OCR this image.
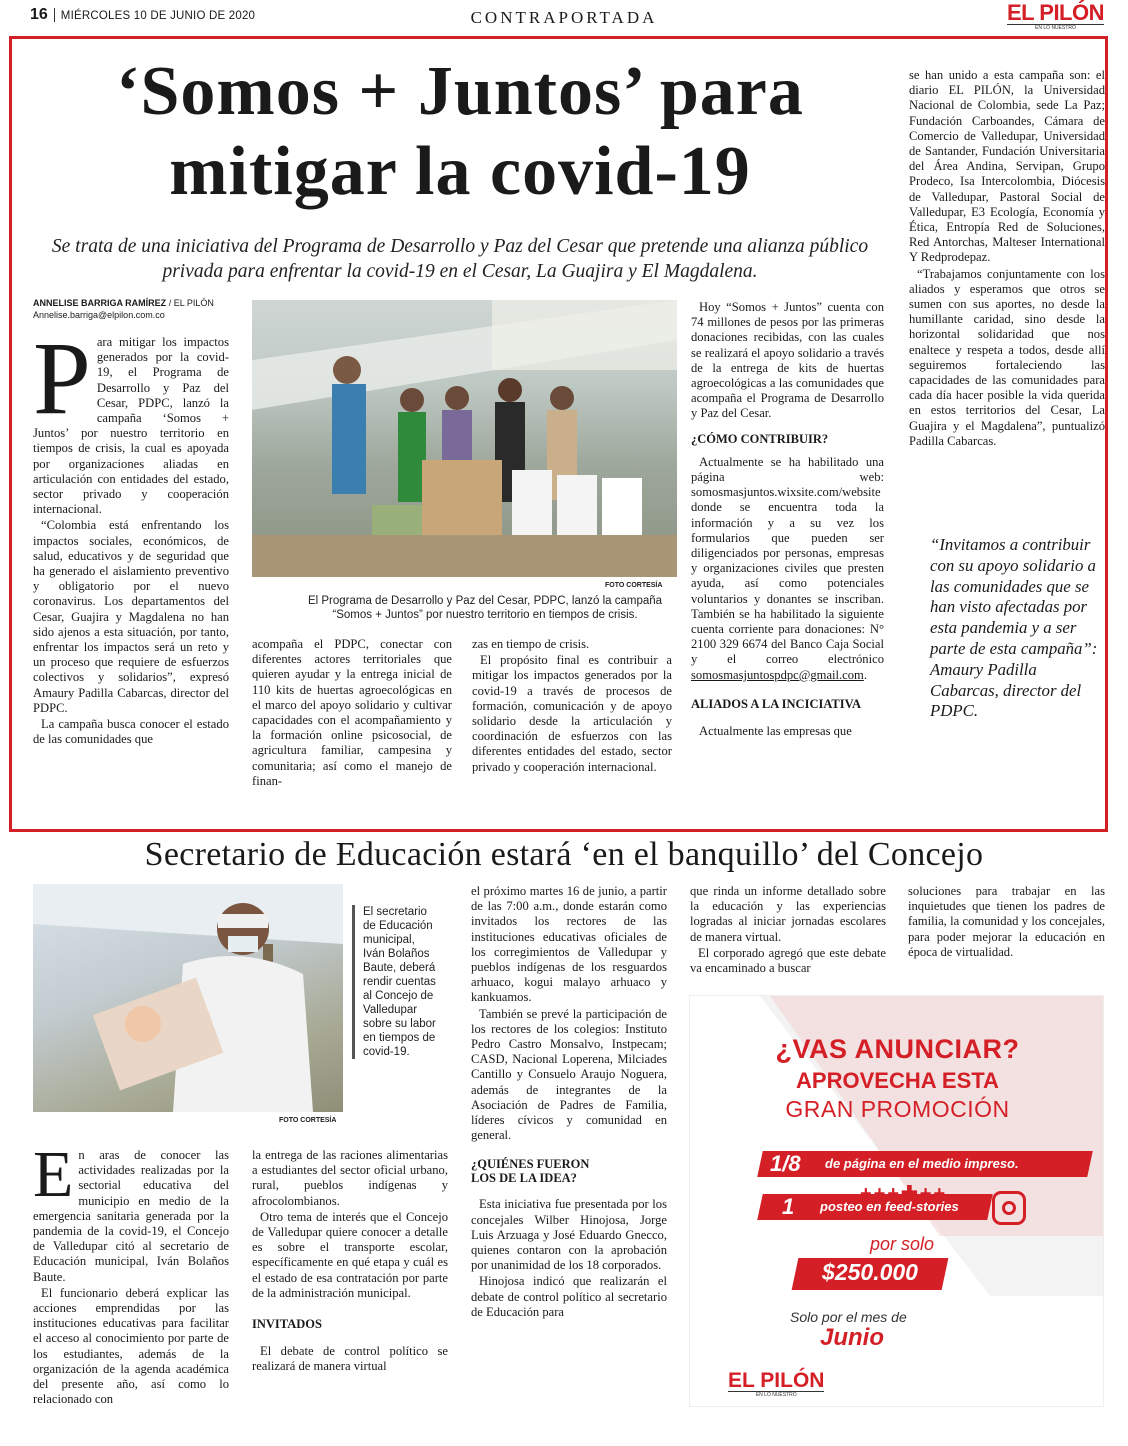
16 MIÉRCOLES 10 DE JUNIO DE 2020	CONTRAPORTADA	EL PILÓN
EN LO NUESTRO
‘Somos + Juntos’ para
mitigar la covid-19
Se trata de una iniciativa del Programa de Desarrollo y Paz del Cesar que pretende una alianza público privada para enfrentar la covid-19 en el Cesar, La Guajira y El Magdalena.
ANNELISE BARRIGA RAMÍREZ / EL PILÓN
Annelise.barriga@elpilon.com.co

Para mitigar los impactos generados por la covid-19, el Programa de Desarrollo y Paz del Cesar, PDPC, lanzó la campaña ‘Somos + Juntos’ por nuestro territorio en tiempos de crisis, la cual es apoyada por organizaciones aliadas en articulación con entidades del estado, sector privado y cooperación internacional.

“Colombia está enfrentando los impactos sociales, económicos, de salud, educativos y de seguridad que ha generado el aislamiento preventivo y obligatorio por el nuevo coronavirus. Los departamentos del Cesar, Guajira y Magdalena no han sido ajenos a esta situación, por tanto, enfrentar los impactos será un reto y un proceso que requiere de esfuerzos colectivos y solidarios”, expresó Amaury Padilla Cabarcas, director del PDPC.

La campaña busca conocer el estado de las comunidades que

FOTO CORTESÍA
El Programa de Desarrollo y Paz del Cesar, PDPC, lanzó la campaña “Somos + Juntos” por nuestro territorio en tiempos de crisis.

acompaña el PDPC, conectar con diferentes actores territoriales que quieren ayudar y la entrega inicial de 110 kits de huertas agroecológicas en el marco del apoyo solidario y cultivar capacidades con el acompañamiento y la formación online psicosocial, de agricultura familiar, campesina y comunitaria; así como el manejo de finan-

zas en tiempo de crisis.

El propósito final es contribuir a mitigar los impactos generados por la covid-19 a través de procesos de formación, comunicación y de apoyo solidario desde la articulación y coordinación de esfuerzos con las diferentes entidades del estado, sector privado y cooperación internacional.

Hoy “Somos + Juntos” cuenta con 74 millones de pesos por las primeras donaciones recibidas, con las cuales se realizará el apoyo solidario a través de la entrega de kits de huertas agroecológicas a las comunidades que acompaña el Programa de Desarrollo y Paz del Cesar.

¿CÓMO CONTRIBUIR?

Actualmente se ha habilitado una página web: somosmasjuntos.wixsite.com/website donde se encuentra toda la información y a su vez los formularios que pueden ser diligenciados por personas, empresas y organizaciones civiles que presten ayuda, así como potenciales voluntarios y donantes se inscriban. También se ha habilitado la siguiente cuenta corriente para donaciones: N° 2100 329 6674 del Banco Caja Social y el correo electrónico somosmasjuntospdpc@gmail.com.

ALIADOS A LA INCICIATIVA

Actualmente las empresas que

se han unido a esta campaña son: el diario EL PILÓN, la Universidad Nacional de Colombia, sede La Paz; Fundación Carboandes, Cámara de Comercio de Valledupar, Universidad de Santander, Fundación Universitaria del Área Andina, Servipan, Grupo Prodeco, Isa Intercolombia, Diócesis de Valledupar, Pastoral Social de Valledupar, E3 Ecología, Economía y Ética, Entropía Red de Soluciones, Red Antorchas, Malteser International Y Redprodepaz.

“Trabajamos conjuntamente con los aliados y esperamos que otros se sumen con sus aportes, no desde la humillante caridad, sino desde la horizontal solidaridad que nos enaltece y respeta a todos, desde allí seguiremos fortaleciendo las capacidades de las comunidades para cada día hacer posible la vida querida en estos territorios del Cesar, La Guajira y el Magdalena”, puntualizó Padilla Cabarcas.

“Invitamos a contribuir con su apoyo solidario a las comunidades que se han visto afectadas por esta pandemia y a ser parte de esta campaña”: Amaury Padilla Cabarcas, director del PDPC.
Secretario de Educación estará ‘en el banquillo’ del Concejo
FOTO CORTESÍA
El secretario de Educación municipal, Iván Bolaños Baute, deberá rendir cuentas al Concejo de Valledupar sobre su labor en tiempos de covid-19.

En aras de conocer las actividades realizadas por la sectorial educativa del municipio en medio de la emergencia sanitaria generada por la pandemia de la covid-19, el Concejo de Valledupar citó al secretario de Educación municipal, Iván Bolaños Baute.

El funcionario deberá explicar las acciones emprendidas por las instituciones educativas para facilitar el acceso al conocimiento por parte de los estudiantes, además de la organización de la agenda académica del presente año, así como lo relacionado con

la entrega de las raciones alimentarias a estudiantes del sector oficial urbano, rural, pueblos indígenas y afrocolombianos.

Otro tema de interés que el Concejo de Valledupar quiere conocer a detalle es sobre el transporte escolar, específicamente en qué etapa y cuál es el estado de esa contratación por parte de la administración municipal.

INVITADOS

El debate de control político se realizará de manera virtual

el próximo martes 16 de junio, a partir de las 7:00 a.m., donde estarán como invitados los rectores de las instituciones educativas oficiales de los corregimientos de Valledupar y pueblos indígenas de los resguardos arhuaco, kogui malayo arhuaco y kankuamos.

También se prevé la participación de los rectores de los colegios: Instituto Pedro Castro Monsalvo, Instpecam; CASD, Nacional Loperena, Milciades Cantillo y Consuelo Araujo Noguera, además de integrantes de la Asociación de Padres de Familia, líderes cívicos y comunidad en general.

¿QUIÉNES FUERON
LOS DE LA IDEA?

Esta iniciativa fue presentada por los concejales Wilber Hinojosa, Jorge Luis Arzuaga y José Eduardo Gnecco, quienes contaron con la aprobación por unanimidad de los 18 corporados.

Hinojosa indicó que realizarán el debate de control político al secretario de Educación para

que rinda un informe detallado sobre la educación y las experiencias logradas al iniciar jornadas escolares de manera virtual.

El corporado agregó que este debate va encaminado a buscar

soluciones para trabajar en las inquietudes que tienen los padres de familia, la comunidad y los concejales, para poder mejorar la educación en época de virtualidad.

¿VAS ANUNCIAR?
APROVECHA ESTA
GRAN PROMOCIÓN
1/8 de página en el medio impreso.
1 posteo en feed-stories
por solo
$250.000
Solo por el mes de
Junio
EL PILÓN
EN LO NUESTRO
